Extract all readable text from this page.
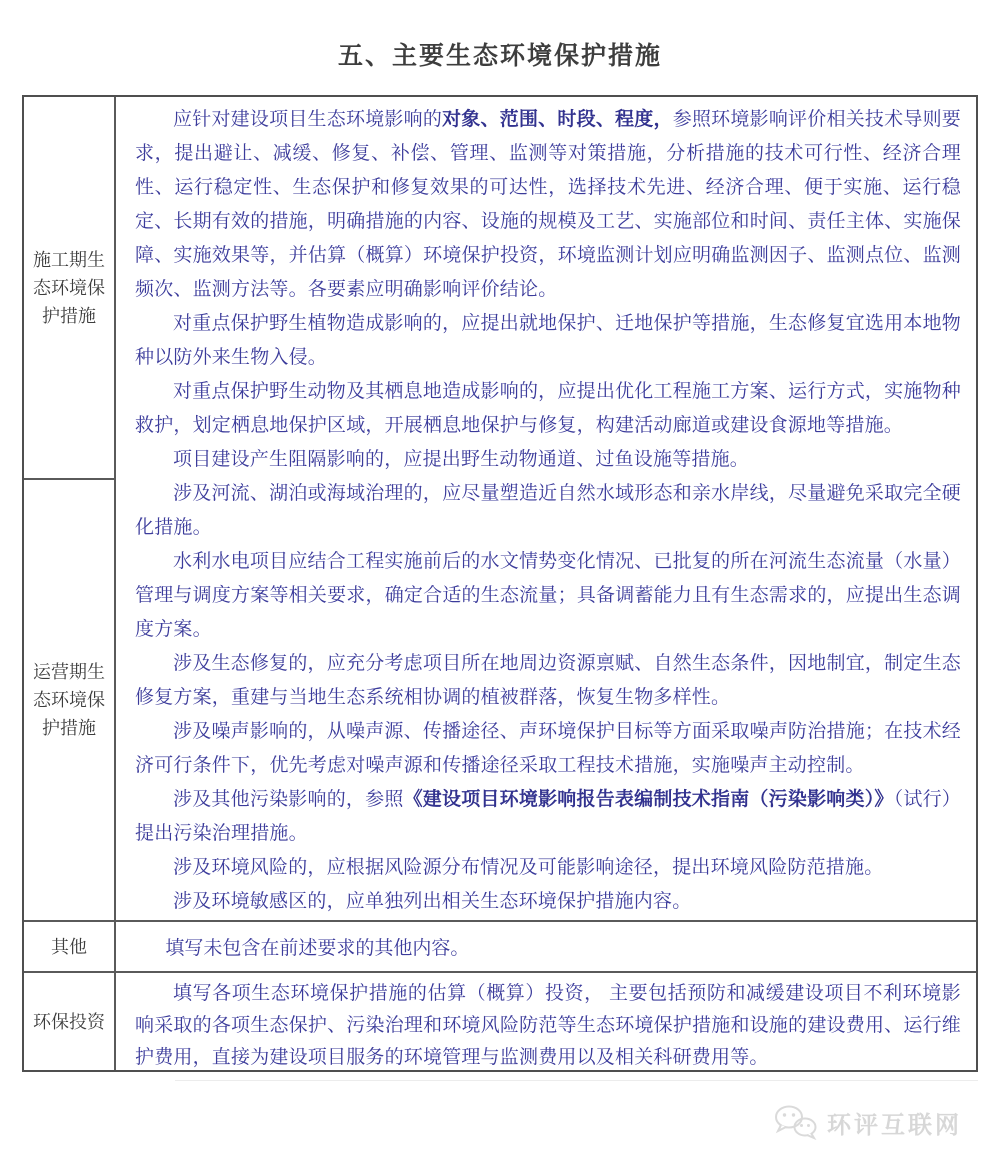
五、主要生态环境保护措施
施工期生态环境保护措施
运营期生态环境保护措施

应针对建设项目生态环境影响的对象、范围、时段、程度，参照环境影响评价相关技术导则要求，提出避让、减缓、修复、补偿、管理、监测等对策措施，分析措施的技术可行性、经济合理性、运行稳定性、生态保护和修复效果的可达性，选择技术先进、经济合理、便于实施、运行稳定、长期有效的措施，明确措施的内容、设施的规模及工艺、实施部位和时间、责任主体、实施保障、实施效果等，并估算（概算）环境保护投资，环境监测计划应明确监测因子、监测点位、监测频次、监测方法等。各要素应明确影响评价结论。

对重点保护野生植物造成影响的，应提出就地保护、迁地保护等措施，生态修复宜选用本地物种以防外来生物入侵。

对重点保护野生动物及其栖息地造成影响的，应提出优化工程施工方案、运行方式，实施物种救护，划定栖息地保护区域，开展栖息地保护与修复，构建活动廊道或建设食源地等措施。

项目建设产生阻隔影响的，应提出野生动物通道、过鱼设施等措施。

涉及河流、湖泊或海域治理的，应尽量塑造近自然水域形态和亲水岸线，尽量避免采取完全硬化措施。

水利水电项目应结合工程实施前后的水文情势变化情况、已批复的所在河流生态流量（水量）管理与调度方案等相关要求，确定合适的生态流量；具备调蓄能力且有生态需求的，应提出生态调度方案。

涉及生态修复的，应充分考虑项目所在地周边资源禀赋、自然生态条件，因地制宜，制定生态修复方案，重建与当地生态系统相协调的植被群落，恢复生物多样性。

涉及噪声影响的，从噪声源、传播途径、声环境保护目标等方面采取噪声防治措施；在技术经济可行条件下，优先考虑对噪声源和传播途径采取工程技术措施，实施噪声主动控制。

涉及其他污染影响的，参照《建设项目环境影响报告表编制技术指南（污染影响类）》（试行）提出污染治理措施。

涉及环境风险的，应根据风险源分布情况及可能影响途径，提出环境风险防范措施。

涉及环境敏感区的，应单独列出相关生态环境保护措施内容。

其他	填写未包含在前述要求的其他内容。

环保投资

填写各项生态环境保护措施的估算（概算）投资， 主要包括预防和减缓建设项目不利环境影响采取的各项生态保护、污染治理和环境风险防范等生态环境保护措施和设施的建设费用、运行维护费用，直接为建设项目服务的环境管理与监测费用以及相关科研费用等。

环评互联网
